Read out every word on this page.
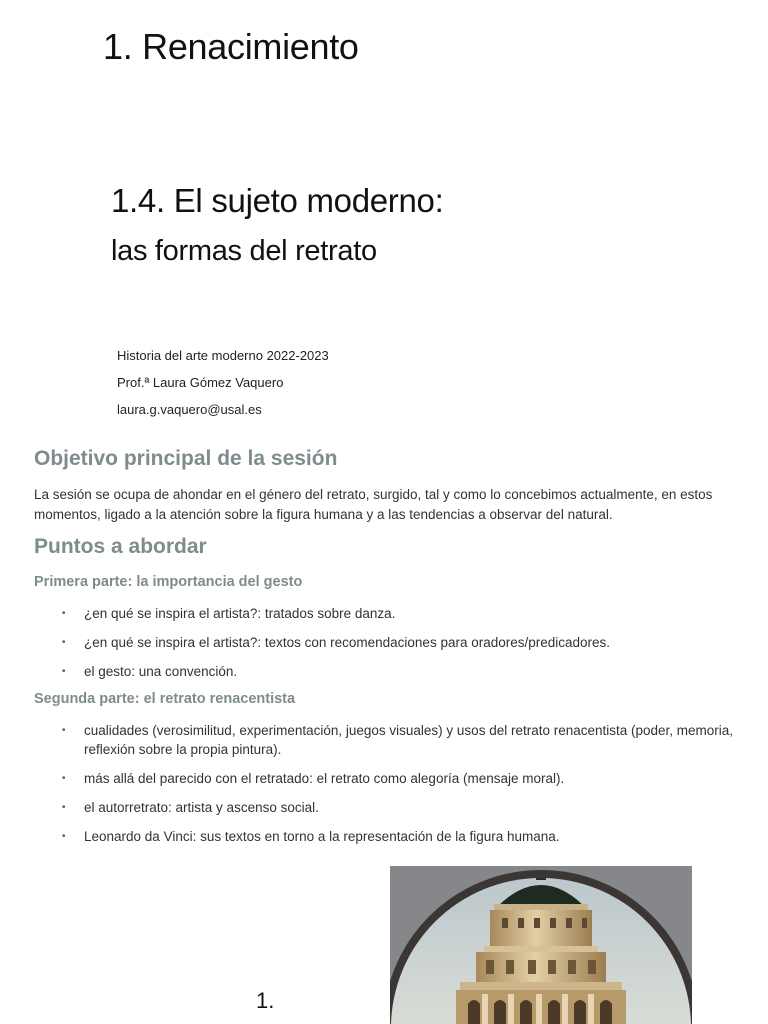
1. Renacimiento
1.4. El sujeto moderno:
las formas del retrato
Historia del arte moderno 2022-2023
Prof.ª Laura Gómez Vaquero
laura.g.vaquero@usal.es
Objetivo principal de la sesión
La sesión se ocupa de ahondar en el género del retrato, surgido, tal y como lo concebimos actualmente, en estos momentos, ligado a la atención sobre la figura humana y a las tendencias a observar del natural.
Puntos a abordar
Primera parte: la importancia del gesto
• ¿en qué se inspira el artista?: tratados sobre danza.
• ¿en qué se inspira el artista?: textos con recomendaciones para oradores/predicadores.
• el gesto: una convención.
Segunda parte: el retrato renacentista
• cualidades (verosimilitud, experimentación, juegos visuales) y usos del retrato renacentista (poder, memoria, reflexión sobre la propia pintura).
• más allá del parecido con el retratado: el retrato como alegoría (mensaje moral).
• el autorretrato: artista y ascenso social.
• Leonardo da Vinci: sus textos en torno a la representación de la figura humana.
1.
